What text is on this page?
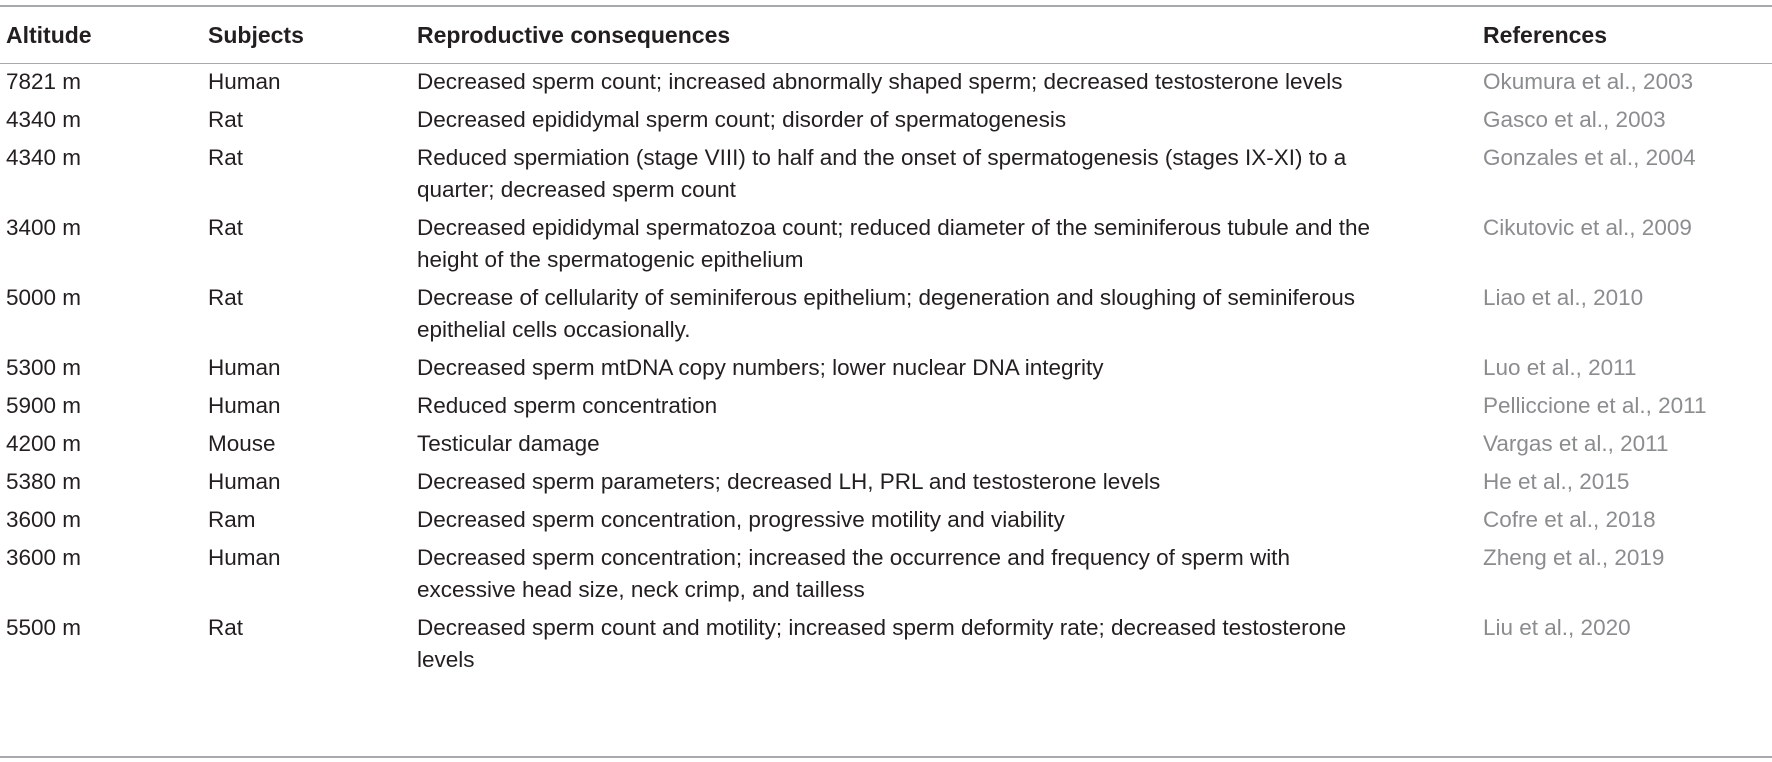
Altitude	Subjects	Reproductive consequences	References
7821 m	Human	Decreased sperm count; increased abnormally shaped sperm; decreased testosterone levels	Okumura et al., 2003
4340 m	Rat	Decreased epididymal sperm count; disorder of spermatogenesis	Gasco et al., 2003
4340 m	Rat	Reduced spermiation (stage VIII) to half and the onset of spermatogenesis (stages IX-XI) to a quarter; decreased sperm count	Gonzales et al., 2004
3400 m	Rat	Decreased epididymal spermatozoa count; reduced diameter of the seminiferous tubule and the height of the spermatogenic epithelium	Cikutovic et al., 2009
5000 m	Rat	Decrease of cellularity of seminiferous epithelium; degeneration and sloughing of seminiferous epithelial cells occasionally.	Liao et al., 2010
5300 m	Human	Decreased sperm mtDNA copy numbers; lower nuclear DNA integrity	Luo et al., 2011
5900 m	Human	Reduced sperm concentration	Pelliccione et al., 2011
4200 m	Mouse	Testicular damage	Vargas et al., 2011
5380 m	Human	Decreased sperm parameters; decreased LH, PRL and testosterone levels	He et al., 2015
3600 m	Ram	Decreased sperm concentration, progressive motility and viability	Cofre et al., 2018
3600 m	Human	Decreased sperm concentration; increased the occurrence and frequency of sperm with excessive head size, neck crimp, and tailless	Zheng et al., 2019
5500 m	Rat	Decreased sperm count and motility; increased sperm deformity rate; decreased testosterone levels	Liu et al., 2020
